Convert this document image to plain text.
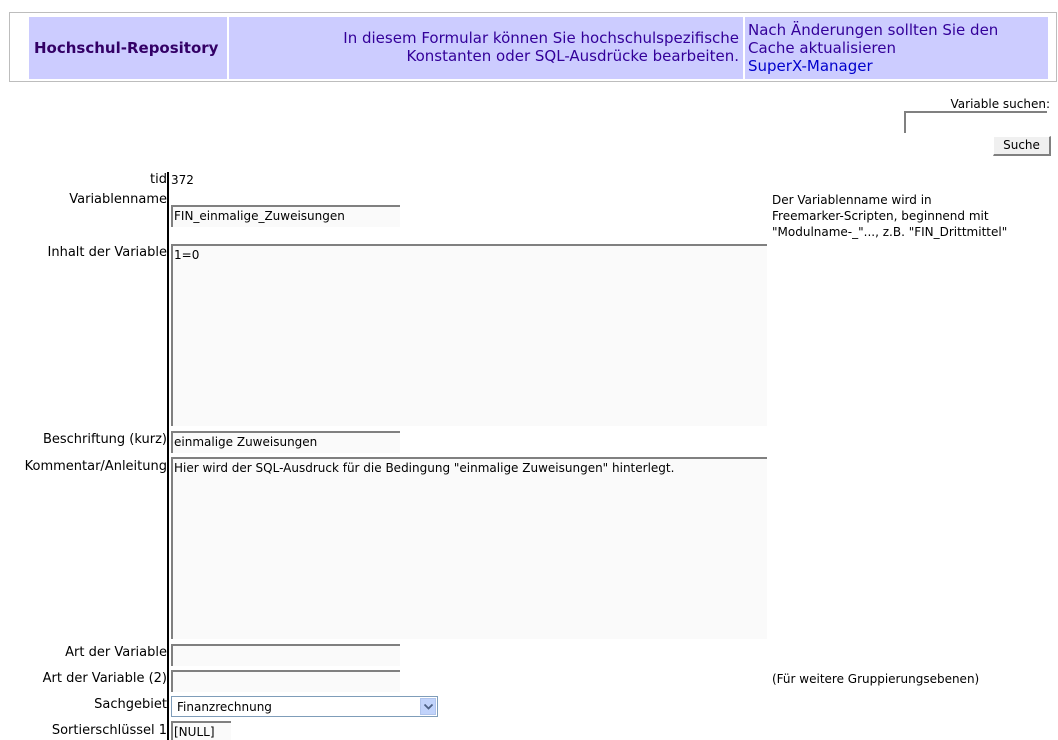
Hochschul-Repository
In diesem Formular können Sie hochschulspezifische
Konstanten oder SQL-Ausdrücke bearbeiten.
Nach Änderungen sollten Sie den
Cache aktualisieren
SuperX-Manager
Variable suchen:
Suche
tid 372
Variablenname
FIN_einmalige_Zuweisungen
Der Variablenname wird in
Freemarker-Scripten, beginnend mit
"Modulname-_"..., z.B. "FIN_Drittmittel"
Inhalt der Variable 1=0
Beschriftung (kurz) einmalige Zuweisungen
Kommentar/Anleitung Hier wird der SQL-Ausdruck für die Bedingung "einmalige Zuweisungen" hinterlegt.
Art der Variable
Art der Variable (2)	(Für weitere Gruppierungsebenen)
Sachgebiet Finanzrechnung
Sortierschlüssel 1 [NULL]
